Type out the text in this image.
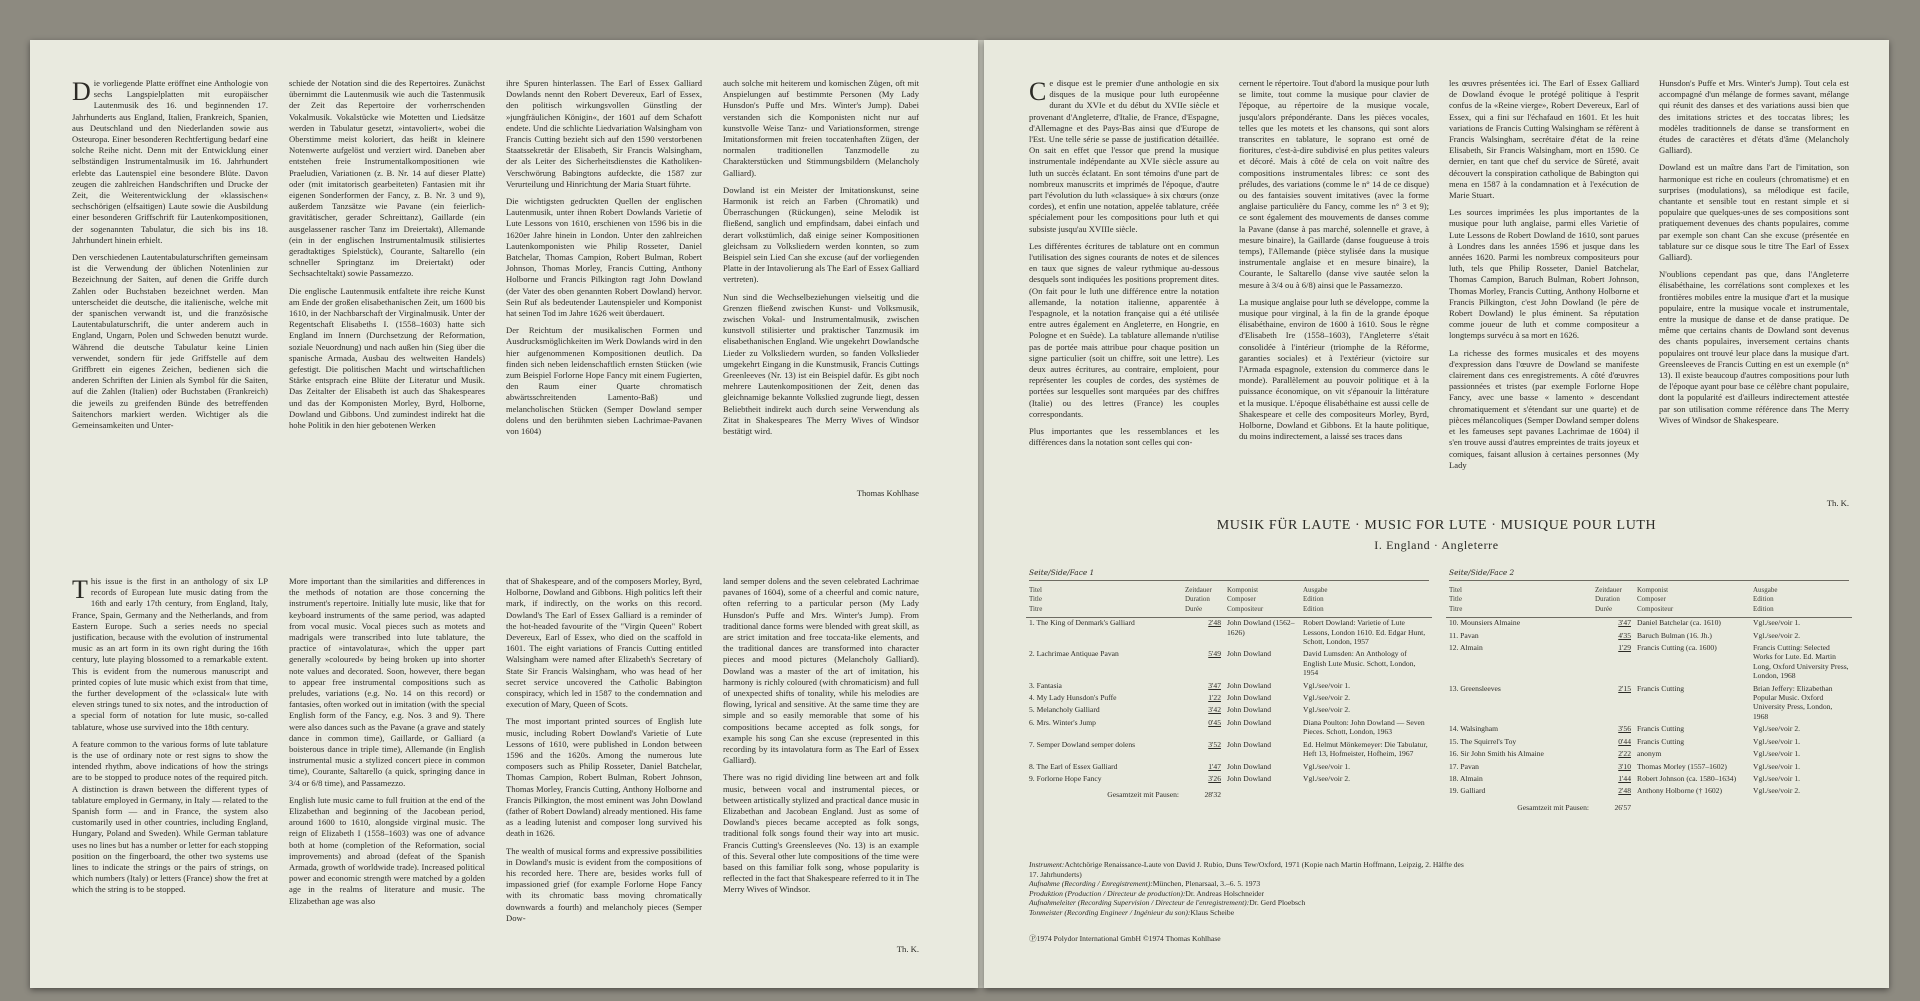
Die vorliegende Platte eröffnet eine Anthologie von sechs Langspielplatten mit europäischer Lautenmusik des 16. und beginnenden 17. Jahrhunderts aus England, Italien, Frankreich, Spanien, aus Deutschland und den Niederlanden sowie aus Osteuropa. Einer besonderen Rechtfertigung bedarf eine solche Reihe nicht. Denn mit der Entwicklung einer selbständigen Instrumentalmusik im 16. Jahrhundert erlebte das Lautenspiel eine besondere Blüte. Davon zeugen die zahlreichen Handschriften und Drucke der Zeit, die Weiterentwicklung der »klassischen« sechschörigen (elfsaitigen) Laute sowie die Ausbildung einer besonderen Griffschrift für Lautenkompositionen, der sogenannten Tabulatur, die sich bis ins 18. Jahrhundert hinein erhielt.

Den verschiedenen Lautentabulaturschriften gemeinsam ist die Verwendung der üblichen Notenlinien zur Bezeichnung der Saiten, auf denen die Griffe durch Zahlen oder Buchstaben bezeichnet werden. Man unterscheidet die deutsche, die italienische, welche mit der spanischen verwandt ist, und die französische Lautentabulaturschrift, die unter anderem auch in England, Ungarn, Polen und Schweden benutzt wurde. Während die deutsche Tabulatur keine Linien verwendet, sondern für jede Griffstelle auf dem Griffbrett ein eigenes Zeichen, bedienen sich die anderen Schriften der Linien als Symbol für die Saiten, auf die Zahlen (Italien) oder Buchstaben (Frankreich) die jeweils zu greifenden Bünde des betreffenden Saitenchors markiert werden. Wichtiger als die Gemeinsamkeiten und Unter-

schiede der Notation sind die des Repertoires. Zunächst übernimmt die Lautenmusik wie auch die Tastenmusik der Zeit das Repertoire der vorherrschenden Vokalmusik. Vokalstücke wie Motetten und Liedsätze werden in Tabulatur gesetzt, »intavoliert«, wobei die Oberstimme meist koloriert, das heißt in kleinere Notenwerte aufgelöst und verziert wird. Daneben aber entstehen freie Instrumentalkompositionen wie Praeludien, Variationen (z. B. Nr. 14 auf dieser Platte) oder (mit imitatorisch gearbeiteten) Fantasien mit ihr eigenen Sonderformen der Fancy, z. B. Nr. 3 und 9), außerdem Tanzsätze wie Pavane (ein feierlich-gravitätischer, gerader Schreittanz), Gaillarde (ein ausgelassener rascher Tanz im Dreiertakt), Allemande (ein in der englischen Instrumentalmusik stilisiertes geradtaktiges Spielstück), Courante, Saltarello (ein schneller Springtanz im Dreiertakt) oder Sechsachteltakt) sowie Passamezzo.

Die englische Lautenmusik entfaltete ihre reiche Kunst am Ende der großen elisabethanischen Zeit, um 1600 bis 1610, in der Nachbarschaft der Virginalmusik. Unter der Regentschaft Elisabeths I. (1558–1603) hatte sich England im Innern (Durchsetzung der Reformation, soziale Neuordnung) und nach außen hin (Sieg über die spanische Armada, Ausbau des weltweiten Handels) gefestigt. Die politischen Macht und wirtschaftlichen Stärke entsprach eine Blüte der Literatur und Musik. Das Zeitalter der Elisabeth ist auch das Shakespeares und das der Komponisten Morley, Byrd, Holborne, Dowland und Gibbons. Und zumindest indirekt hat die hohe Politik in den hier gebotenen Werken

ihre Spuren hinterlassen. The Earl of Essex Galliard Dowlands nennt den Robert Devereux, Earl of Essex, den politisch wirkungsvollen Günstling der »jungfräulichen Königin«, der 1601 auf dem Schafott endete. Und die schlichte Liedvariation Walsingham von Francis Cutting bezieht sich auf den 1590 verstorbenen Staatssekretär der Elisabeth, Sir Francis Walsingham, der als Leiter des Sicherheitsdienstes die Katholiken-Verschwörung Babingtons aufdeckte, die 1587 zur Verurteilung und Hinrichtung der Maria Stuart führte.

Die wichtigsten gedruckten Quellen der englischen Lautenmusik, unter ihnen Robert Dowlands Varietie of Lute Lessons von 1610, erschienen von 1596 bis in die 1620er Jahre hinein in London. Unter den zahlreichen Lautenkomponisten wie Philip Rosseter, Daniel Batchelar, Thomas Campion, Robert Bulman, Robert Johnson, Thomas Morley, Francis Cutting, Anthony Holborne und Francis Pilkington ragt John Dowland (der Vater des oben genannten Robert Dowland) hervor. Sein Ruf als bedeutender Lautenspieler und Komponist hat seinen Tod im Jahre 1626 weit überdauert.

Der Reichtum der musikalischen Formen und Ausdrucksmöglichkeiten im Werk Dowlands wird in den hier aufgenommenen Kompositionen deutlich. Da finden sich neben leidenschaftlich ernsten Stücken (wie zum Beispiel Forlorne Hope Fancy mit einem Fugierten, den Raum einer Quarte chromatisch abwärtsschreitenden Lamento-Baß) und melancholischen Stücken (Semper Dowland semper dolens und den berühmten sieben Lachrimae-Pavanen von 1604)

auch solche mit heiterem und komischen Zügen, oft mit Anspielungen auf bestimmte Personen (My Lady Hunsdon's Puffe und Mrs. Winter's Jump). Dabei verstanden sich die Komponisten nicht nur auf kunstvolle Weise Tanz- und Variationsformen, strenge Imitationsformen mit freien toccatenhaften Zügen, der normalen traditionellen Tanzmodelle zu Charakterstücken und Stimmungsbildern (Melancholy Galliard).

Dowland ist ein Meister der Imitationskunst, seine Harmonik ist reich an Farben (Chromatik) und Überraschungen (Rückungen), seine Melodik ist fließend, sanglich und empfindsam, dabei einfach und derart volkstümlich, daß einige seiner Kompositionen gleichsam zu Volksliedern werden konnten, so zum Beispiel sein Lied Can she excuse (auf der vorliegenden Platte in der Intavolierung als The Earl of Essex Galliard vertreten).

Nun sind die Wechselbeziehungen vielseitig und die Grenzen fließend zwischen Kunst- und Volksmusik, zwischen Vokal- und Instrumentalmusik, zwischen kunstvoll stilisierter und praktischer Tanzmusik im elisabethanischen England. Wie ungekehrt Dowlandsche Lieder zu Volksliedern wurden, so fanden Volkslieder umgekehrt Eingang in die Kunstmusik, Francis Cuttings Greenleeves (Nr. 13) ist ein Beispiel dafür. Es gibt noch mehrere Lautenkompositionen der Zeit, denen das gleichnamige bekannte Volkslied zugrunde liegt, dessen Beliebtheit indirekt auch durch seine Verwendung als Zitat in Shakespeares The Merry Wives of Windsor bestätigt wird.

Thomas Kohlhase

This issue is the first in an anthology of six LP records of European lute music dating from the 16th and early 17th century, from England, Italy, France, Spain, Germany and the Netherlands, and from Eastern Europe. Such a series needs no special justification, because with the evolution of instrumental music as an art form in its own right during the 16th century, lute playing blossomed to a remarkable extent. This is evident from the numerous manuscript and printed copies of lute music which exist from that time, the further development of the »classical« lute with eleven strings tuned to six notes, and the introduction of a special form of notation for lute music, so-called tablature, whose use survived into the 18th century.

A feature common to the various forms of lute tablature is the use of ordinary note or rest signs to show the intended rhythm, above indications of how the strings are to be stopped to produce notes of the required pitch. A distinction is drawn between the different types of tablature employed in Germany, in Italy — related to the Spanish form — and in France, the system also customarily used in other countries, including England, Hungary, Poland and Sweden). While German tablature uses no lines but has a number or letter for each stopping position on the fingerboard, the other two systems use lines to indicate the strings or the pairs of strings, on which numbers (Italy) or letters (France) show the fret at which the string is to be stopped.

More important than the similarities and differences in the methods of notation are those concerning the instrument's repertoire. Initially lute music, like that for keyboard instruments of the same period, was adapted from vocal music. Vocal pieces such as motets and madrigals were transcribed into lute tablature, the practice of »intavolatura«, which the upper part generally »coloured« by being broken up into shorter note values and decorated. Soon, however, there began to appear free instrumental compositions such as preludes, variations (e.g. No. 14 on this record) or fantasies, often worked out in imitation (with the special English form of the Fancy, e.g. Nos. 3 and 9). There were also dances such as the Pavane (a grave and stately dance in common time), Gaillarde, or Galliard (a boisterous dance in triple time), Allemande (in English instrumental music a stylized concert piece in common time), Courante, Saltarello (a quick, springing dance in 3/4 or 6/8 time), and Passamezzo.

English lute music came to full fruition at the end of the Elizabethan and beginning of the Jacobean period, around 1600 to 1610, alongside virginal music. The reign of Elizabeth I (1558–1603) was one of advance both at home (completion of the Reformation, social improvements) and abroad (defeat of the Spanish Armada, growth of worldwide trade). Increased political power and economic strength were matched by a golden age in the realms of literature and music. The Elizabethan age was also

that of Shakespeare, and of the composers Morley, Byrd, Holborne, Dowland and Gibbons. High politics left their mark, if indirectly, on the works on this record. Dowland's The Earl of Essex Galliard is a reminder of the hot-headed favourite of the "Virgin Queen" Robert Devereux, Earl of Essex, who died on the scaffold in 1601. The eight variations of Francis Cutting entitled Walsingham were named after Elizabeth's Secretary of State Sir Francis Walsingham, who was head of her secret service uncovered the Catholic Babington conspiracy, which led in 1587 to the condemnation and execution of Mary, Queen of Scots.

The most important printed sources of English lute music, including Robert Dowland's Varietie of Lute Lessons of 1610, were published in London between 1596 and the 1620s. Among the numerous lute composers such as Philip Rosseter, Daniel Batchelar, Thomas Campion, Robert Bulman, Robert Johnson, Thomas Morley, Francis Cutting, Anthony Holborne and Francis Pilkington, the most eminent was John Dowland (father of Robert Dowland) already mentioned. His fame as a leading lutenist and composer long survived his death in 1626.

The wealth of musical forms and expressive possibilities in Dowland's music is evident from the compositions of his recorded here. There are, besides works full of impassioned grief (for example Forlorne Hope Fancy with its chromatic bass moving chromatically downwards a fourth) and melancholy pieces (Semper Dow-

land semper dolens and the seven celebrated Lachrimae pavanes of 1604), some of a cheerful and comic nature, often referring to a particular person (My Lady Hunsdon's Puffe and Mrs. Winter's Jump). From traditional dance forms were blended with great skill, as are strict imitation and free toccata-like elements, and the traditional dances are transformed into character pieces and mood pictures (Melancholy Galliard). Dowland was a master of the art of imitation, his harmony is richly coloured (with chromaticism) and full of unexpected shifts of tonality, while his melodies are flowing, lyrical and sensitive. At the same time they are simple and so easily memorable that some of his compositions became accepted as folk songs, for example his song Can she excuse (represented in this recording by its intavolatura form as The Earl of Essex Galliard).

There was no rigid dividing line between art and folk music, between vocal and instrumental pieces, or between artistically stylized and practical dance music in Elizabethan and Jacobean England. Just as some of Dowland's pieces became accepted as folk songs, traditional folk songs found their way into art music. Francis Cutting's Greensleeves (No. 13) is an example of this. Several other lute compositions of the time were based on this familiar folk song, whose popularity is reflected in the fact that Shakespeare referred to it in The Merry Wives of Windsor.

Th. K.

Ce disque est le premier d'une anthologie en six disques de la musique pour luth européenne durant du XVIe et du début du XVIIe siècle et provenant d'Angleterre, d'Italie, de France, d'Espagne, d'Allemagne et des Pays-Bas ainsi que d'Europe de l'Est. Une telle série se passe de justification détaillée. On sait en effet que l'essor que prend la musique instrumentale indépendante au XVIe siècle assure au luth un succès éclatant. En sont témoins d'une part de nombreux manuscrits et imprimés de l'époque, d'autre part l'évolution du luth «classique» à six chœurs (onze cordes), et enfin une notation, appelée tablature, créée spécialement pour les compositions pour luth et qui subsiste jusqu'au XVIIIe siècle.

Les différentes écritures de tablature ont en commun l'utilisation des signes courants de notes et de silences en taux que signes de valeur rythmique au-dessous desquels sont indiquées les positions proprement dites. (On fait pour le luth une différence entre la notation allemande, la notation italienne, apparentée à l'espagnole, et la notation française qui a été utilisée entre autres également en Angleterre, en Hongrie, en Pologne et en Suède). La tablature allemande n'utilise pas de portée mais attribue pour chaque position un signe particulier (soit un chiffre, soit une lettre). Les deux autres écritures, au contraire, emploient, pour représenter les couples de cordes, des systèmes de portées sur lesquelles sont marquées par des chiffres (Italie) ou des lettres (France) les couples correspondants.

Plus importantes que les ressemblances et les différences dans la notation sont celles qui con-

cernent le répertoire. Tout d'abord la musique pour luth se limite, tout comme la musique pour clavier de l'époque, au répertoire de la musique vocale, jusqu'alors prépondérante. Dans les pièces vocales, telles que les motets et les chansons, qui sont alors transcrites en tablature, le soprano est orné de fioritures, c'est-à-dire subdivisé en plus petites valeurs et décoré. Mais à côté de cela on voit naître des compositions instrumentales libres: ce sont des préludes, des variations (comme le n° 14 de ce disque) ou des fantaisies souvent imitatives (avec la forme anglaise particulière du Fancy, comme les n° 3 et 9); ce sont également des mouvements de danses comme la Pavane (danse à pas marché, solennelle et grave, à mesure binaire), la Gaillarde (danse fougueuse à trois temps), l'Allemande (pièce stylisée dans la musique instrumentale anglaise et en mesure binaire), la Courante, le Saltarello (danse vive sautée selon la mesure à 3/4 ou à 6/8) ainsi que le Passamezzo.

La musique anglaise pour luth se développe, comme la musique pour virginal, à la fin de la grande époque élisabéthaine, environ de 1600 à 1610. Sous le règne d'Elisabeth Ire (1558–1603), l'Angleterre s'était consolidée à l'intérieur (triomphe de la Réforme, garanties sociales) et à l'extérieur (victoire sur l'Armada espagnole, extension du commerce dans le monde). Parallèlement au pouvoir politique et à la puissance économique, on vit s'épanouir la littérature et la musique. L'époque élisabéthaine est aussi celle de Shakespeare et celle des compositeurs Morley, Byrd, Holborne, Dowland et Gibbons. Et la haute politique, du moins indirectement, a laissé ses traces dans

les œuvres présentées ici. The Earl of Essex Galliard de Dowland évoque le protégé politique à l'esprit confus de la «Reine vierge», Robert Devereux, Earl of Essex, qui a fini sur l'échafaud en 1601. Et les huit variations de Francis Cutting Walsingham se réfèrent à Francis Walsingham, secrétaire d'état de la reine Elisabeth, Sir Francis Walsingham, mort en 1590. Ce dernier, en tant que chef du service de Sûreté, avait découvert la conspiration catholique de Babington qui mena en 1587 à la condamnation et à l'exécution de Marie Stuart.

Les sources imprimées les plus importantes de la musique pour luth anglaise, parmi elles Varietie of Lute Lessons de Robert Dowland de 1610, sont parues à Londres dans les années 1596 et jusque dans les années 1620. Parmi les nombreux compositeurs pour luth, tels que Philip Rosseter, Daniel Batchelar, Thomas Campion, Baruch Bulman, Robert Johnson, Thomas Morley, Francis Cutting, Anthony Holborne et Francis Pilkington, c'est John Dowland (le père de Robert Dowland) le plus éminent. Sa réputation comme joueur de luth et comme compositeur a longtemps survécu à sa mort en 1626.

La richesse des formes musicales et des moyens d'expression dans l'œuvre de Dowland se manifeste clairement dans ces enregistrements. A côté d'œuvres passionnées et tristes (par exemple Forlorne Hope Fancy, avec une basse « lamento » descendant chromatiquement et s'étendant sur une quarte) et de pièces mélancoliques (Semper Dowland semper dolens et les fameuses sept pavanes Lachrimae de 1604) il s'en trouve aussi d'autres empreintes de traits joyeux et comiques, faisant allusion à certaines personnes (My Lady

Hunsdon's Puffe et Mrs. Winter's Jump). Tout cela est accompagné d'un mélange de formes savant, mélange qui réunit des danses et des variations aussi bien que des imitations strictes et des toccatas libres; les modèles traditionnels de danse se transforment en études de caractères et d'états d'âme (Melancholy Galliard).

Dowland est un maître dans l'art de l'imitation, son harmonique est riche en couleurs (chromatisme) et en surprises (modulations), sa mélodique est facile, chantante et sensible tout en restant simple et si populaire que quelques-unes de ses compositions sont pratiquement devenues des chants populaires, comme par exemple son chant Can she excuse (présentée en tablature sur ce disque sous le titre The Earl of Essex Galliard).

N'oublions cependant pas que, dans l'Angleterre élisabéthaine, les corrélations sont complexes et les frontières mobiles entre la musique d'art et la musique populaire, entre la musique vocale et instrumentale, entre la musique de danse et de danse pratique. De même que certains chants de Dowland sont devenus des chants populaires, inversement certains chants populaires ont trouvé leur place dans la musique d'art. Greensleeves de Francis Cutting en est un exemple (n° 13). Il existe beaucoup d'autres compositions pour luth de l'époque ayant pour base ce célèbre chant populaire, dont la popularité est d'ailleurs indirectement attestée par son utilisation comme référence dans The Merry Wives of Windsor de Shakespeare.

Th. K.
MUSIK FÜR LAUTE · MUSIC FOR LUTE · MUSIQUE POUR LUTH
I. England · Angleterre
Seite/Side/Face 1
Titel
Title
Titre	Zeitdauer
Duration
Durée	Komponist
Composer
Compositeur	Ausgabe
Edition
Edition
1. The King of Denmark's Galliard	2'48	John Dowland (1562–1626)	Robert Dowland: Varietie of Lute Lessons, London 1610. Ed. Edgar Hunt, Schott, London, 1957

2. Lachrimae Antiquae Pavan	5'49	John Dowland	David Lumsden: An Anthology of English Lute Music. Schott, London, 1954

3. Fantasia	3'47	John Dowland	Vgl./see/voir 1.

4. My Lady Hunsdon's Puffe	1'22	John Dowland	Vgl./see/voir 2.

5. Melancholy Galliard	3'42	John Dowland	Vgl./see/voir 2.

6. Mrs. Winter's Jump	0'45	John Dowland	Diana Poulton: John Dowland — Seven Pieces. Schott, London, 1963

7. Semper Dowland semper dolens	3'52	John Dowland	Ed. Helmut Mönkemeyer: Die Tabulatur, Heft 13, Hofmeister, Hofheim, 1967

8. The Earl of Essex Galliard	1'47	John Dowland	Vgl./see/voir 1.

9. Forlorne Hope Fancy	3'26	John Dowland	Vgl./see/voir 2.

Gesamtzeit mit Pausen:	28'32		
Seite/Side/Face 2
Titel
Title
Titre	Zeitdauer
Duration
Durée	Komponist
Composer
Compositeur	Ausgabe
Edition
Edition
10. Mounsiers Almaine	3'47	Daniel Batchelar (ca. 1610)	Vgl./see/voir 1.

11. Pavan	4'35	Baruch Bulman (16. Jh.)	Vgl./see/voir 2.

12. Almain	1'29	Francis Cutting (ca. 1600)	Francis Cutting: Selected Works for Lute. Ed. Martin Long, Oxford University Press, London, 1968

13. Greensleeves	2'15	Francis Cutting	Brian Jeffery: Elizabethan Popular Music. Oxford University Press, London, 1968

14. Walsingham	3'56	Francis Cutting	Vgl./see/voir 2.

15. The Squirrel's Toy	0'44	Francis Cutting	Vgl./see/voir 1.

16. Sir John Smith his Almaine	2'22	anonym	Vgl./see/voir 1.

17. Pavan	3'10	Thomas Morley (1557–1602)	Vgl./see/voir 1.

18. Almain	1'44	Robert Johnson (ca. 1580–1634)	Vgl./see/voir 1.

19. Galliard	2'48	Anthony Holborne († 1602)	Vgl./see/voir 2.

Gesamtzeit mit Pausen:	26'57		
Instrument:Achtchörige Renaissance-Laute von David J. Rubio, Duns Tew/Oxford, 1971 (Kopie nach Martin Hoffmann, Leipzig, 2. Hälfte des 17. Jahrhunderts)
Aufnahme (Recording / Enregistrement):München, Plenarsaal, 3.–6. 5. 1973
Produktion (Production / Directeur de production):Dr. Andreas Holschneider
Aufnahmeleiter (Recording Supervision / Directeur de l'enregistrement):Dr. Gerd Ploebsch
Tonmeister (Recording Engineer / Ingénieur du son):Klaus Scheibe
Ⓟ1974 Polydor International GmbH ©1974 Thomas Kohlhase
